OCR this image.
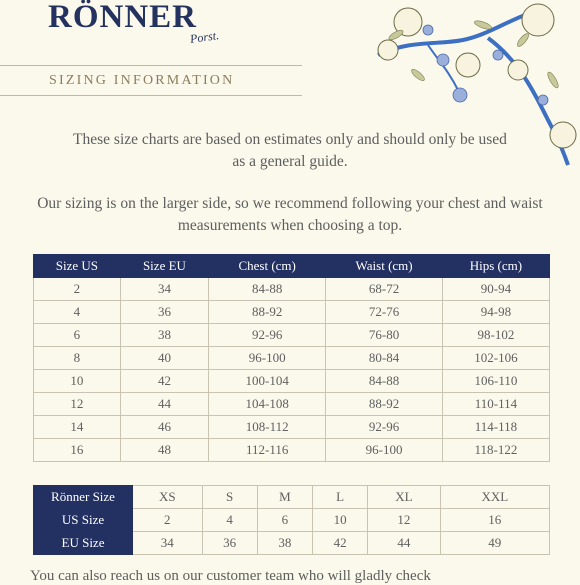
RÖNNER
Porst.
SIZING INFORMATION
These size charts are based on estimates only and should only be used as a general guide.
Our sizing is on the larger side, so we recommend following your chest and waist measurements when choosing a top.
Size US	Size EU	Chest (cm)	Waist (cm)	Hips (cm)
2	34	84-88	68-72	90-94
4	36	88-92	72-76	94-98
6	38	92-96	76-80	98-102
8	40	96-100	80-84	102-106
10	42	100-104	84-88	106-110
12	44	104-108	88-92	110-114
14	46	108-112	92-96	114-118
16	48	112-116	96-100	118-122
Rönner Size	XS	S	M	L	XL	XXL
US Size	2	4	6	10	12	16
EU Size	34	36	38	42	44	49
You can also reach us on our customer team who will gladly check
